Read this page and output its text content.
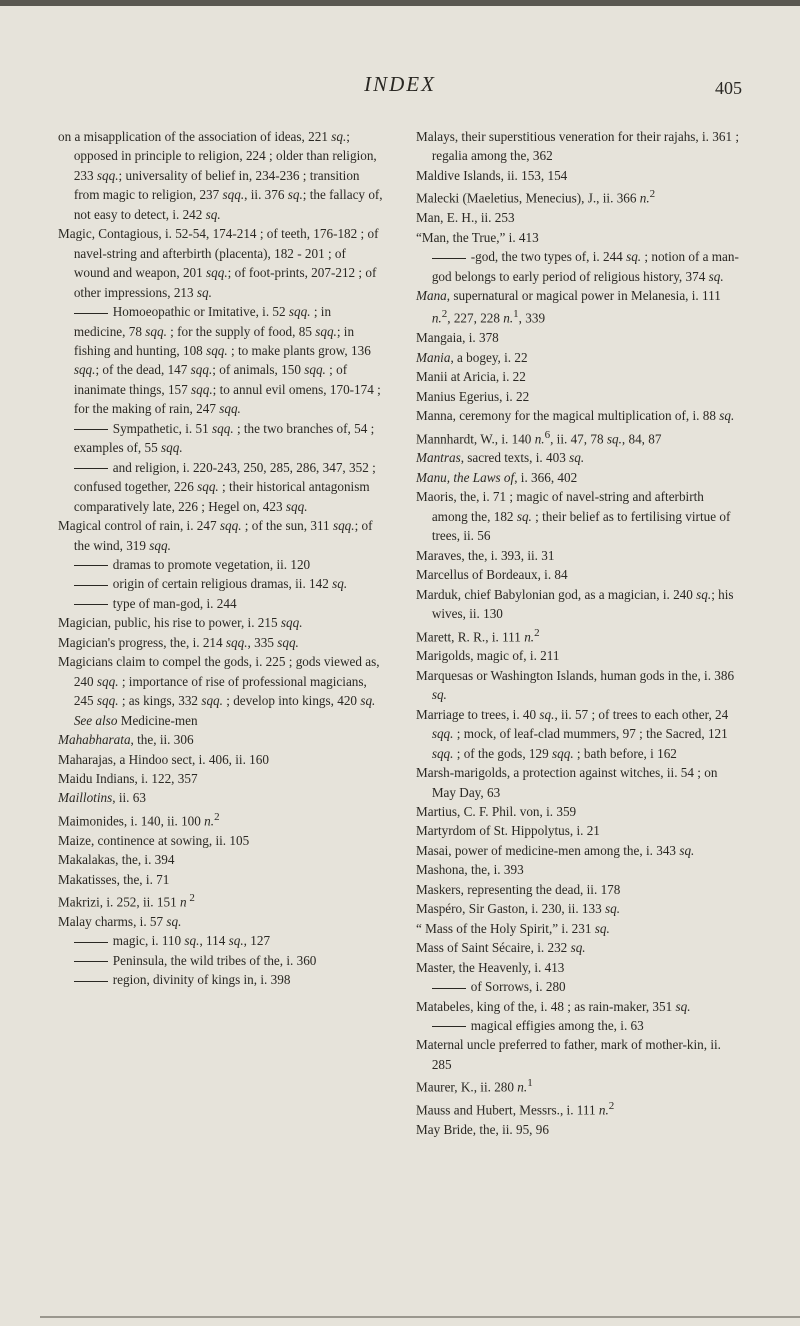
INDEX	405
on a misapplication of the association of ideas, 221 sq.; opposed in principle to religion, 224 ; older than religion, 233 sqq.; universality of belief in, 234-236 ; transition from magic to religion, 237 sqq., ii. 376 sq.; the fallacy of, not easy to detect, i. 242 sq.
Magic, Contagious, i. 52-54, 174-214 ; of teeth, 176-182 ; of navel-string and afterbirth (placenta), 182 - 201 ; of wound and weapon, 201 sqq.; of foot-prints, 207-212 ; of other impressions, 213 sq.
Homoeopathic or Imitative, i. 52 sqq. ; in medicine, 78 sqq. ; for the supply of food, 85 sqq.; in fishing and hunting, 108 sqq. ; to make plants grow, 136 sqq.; of the dead, 147 sqq.; of animals, 150 sqq. ; of inanimate things, 157 sqq.; to annul evil omens, 170-174 ; for the making of rain, 247 sqq.
Sympathetic, i. 51 sqq. ; the two branches of, 54 ; examples of, 55 sqq.
and religion, i. 220-243, 250, 285, 286, 347, 352 ; confused together, 226 sqq. ; their historical antagonism comparatively late, 226 ; Hegel on, 423 sqq.
Magical control of rain, i. 247 sqq. ; of the sun, 311 sqq.; of the wind, 319 sqq.
dramas to promote vegetation, ii. 120
origin of certain religious dramas, ii. 142 sq.
type of man-god, i. 244
Magician, public, his rise to power, i. 215 sqq.
Magician's progress, the, i. 214 sqq., 335 sqq.
Magicians claim to compel the gods, i. 225 ; gods viewed as, 240 sqq. ; importance of rise of professional magicians, 245 sqq. ; as kings, 332 sqq. ; develop into kings, 420 sq. See also Medicine-men
Mahabharata, the, ii. 306
Maharajas, a Hindoo sect, i. 406, ii. 160
Maidu Indians, i. 122, 357
Maillotins, ii. 63
Maimonides, i. 140, ii. 100 n.$^2$
Maize, continence at sowing, ii. 105
Makalakas, the, i. 394
Makatisses, the, i. 71
Makrizi, i. 252, ii. 151 n $^2$
Malay charms, i. 57 sq.
magic, i. 110 sq., 114 sq., 127
Peninsula, the wild tribes of the, i. 360
region, divinity of kings in, i. 398
Malays, their superstitious veneration for their rajahs, i. 361 ; regalia among the, 362
Maldive Islands, ii. 153, 154
Malecki (Maeletius, Menecius), J., ii. 366 n.$^2$
Man, E. H., ii. 253
“Man, the True,” i. 413
-god, the two types of, i. 244 sq. ; notion of a man-god belongs to early period of religious history, 374 sq.
Mana, supernatural or magical power in Melanesia, i. 111 n.$^2$, 227, 228 n.$^1$, 339
Mangaia, i. 378
Mania, a bogey, i. 22
Manii at Aricia, i. 22
Manius Egerius, i. 22
Manna, ceremony for the magical multiplication of, i. 88 sq.
Mannhardt, W., i. 140 n.$^6$, ii. 47, 78 sq., 84, 87
Mantras, sacred texts, i. 403 sq.
Manu, the Laws of, i. 366, 402
Maoris, the, i. 71 ; magic of navel-string and afterbirth among the, 182 sq. ; their belief as to fertilising virtue of trees, ii. 56
Maraves, the, i. 393, ii. 31
Marcellus of Bordeaux, i. 84
Marduk, chief Babylonian god, as a magician, i. 240 sq.; his wives, ii. 130
Marett, R. R., i. 111 n.$^2$
Marigolds, magic of, i. 211
Marquesas or Washington Islands, human gods in the, i. 386 sq.
Marriage to trees, i. 40 sq., ii. 57 ; of trees to each other, 24 sqq. ; mock, of leaf-clad mummers, 97 ; the Sacred, 121 sqq. ; of the gods, 129 sqq. ; bath before, i 162
Marsh-marigolds, a protection against witches, ii. 54 ; on May Day, 63
Martius, C. F. Phil. von, i. 359
Martyrdom of St. Hippolytus, i. 21
Masai, power of medicine-men among the, i. 343 sq.
Mashona, the, i. 393
Maskers, representing the dead, ii. 178
Maspéro, Sir Gaston, i. 230, ii. 133 sq.
“ Mass of the Holy Spirit,” i. 231 sq.
Mass of Saint Sécaire, i. 232 sq.
Master, the Heavenly, i. 413
of Sorrows, i. 280
Matabeles, king of the, i. 48 ; as rain-maker, 351 sq.
magical effigies among the, i. 63
Maternal uncle preferred to father, mark of mother-kin, ii. 285
Maurer, K., ii. 280 n.$^1$
Mauss and Hubert, Messrs., i. 111 n.$^2$
May Bride, the, ii. 95, 96
